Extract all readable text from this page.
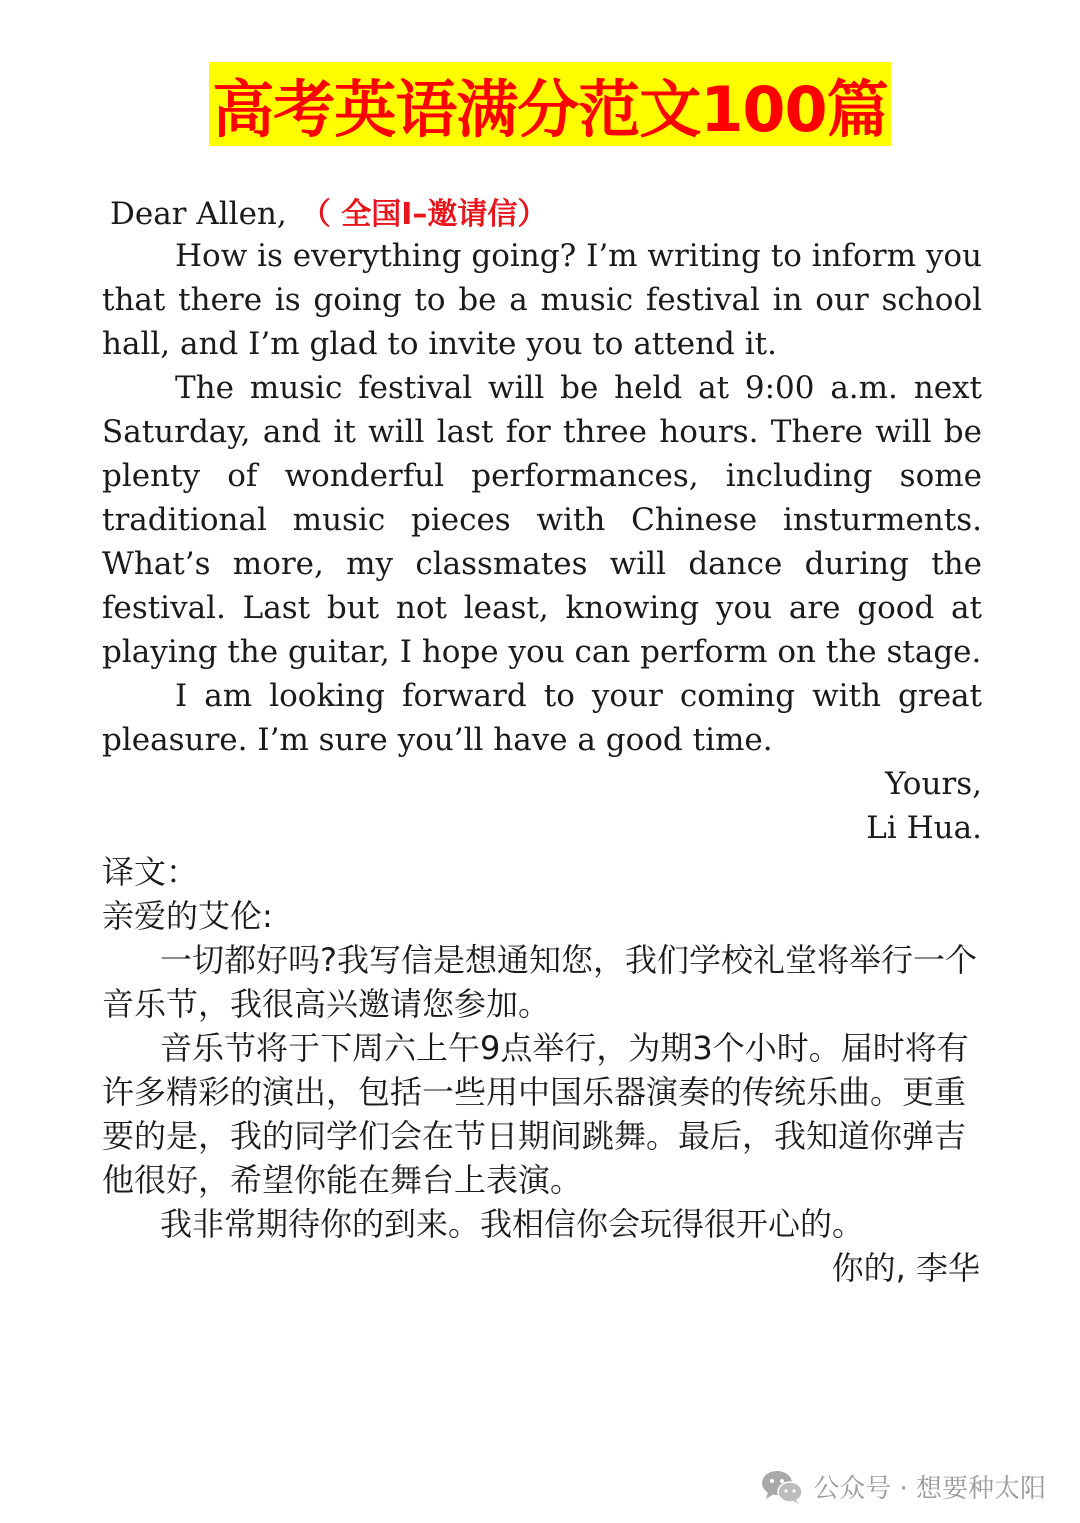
高考英语满分范文100篇
Dear Allen, （ 全国I–邀请信）

How is everything going? I’m writing to inform you that there is going to be a music festival in our school hall, and I’m glad to invite you to attend it.

The music festival will be held at 9:00 a.m. next Saturday, and it will last for three hours. There will be plenty of wonderful performances, including some traditional music pieces with Chinese insturments. What’s more, my classmates will dance during the festival. Last but not least, knowing you are good at playing the guitar, I hope you can perform on the stage.

I am looking forward to your coming with great pleasure. I’m sure you’ll have a good time.

Yours,
Li Hua.
译文：

亲爱的艾伦:

一切都好吗?我写信是想通知您，我们学校礼堂将举行一个音乐节，我很高兴邀请您参加。

音乐节将于下周六上午9点举行，为期3个小时。届时将有许多精彩的演出，包括一些用中国乐器演奏的传统乐曲。更重要的是，我的同学们会在节日期间跳舞。最后，我知道你弹吉他很好，希望你能在舞台上表演。

我非常期待你的到来。我相信你会玩得很开心的。

你的, 李华

公众号 · 想要种太阳
